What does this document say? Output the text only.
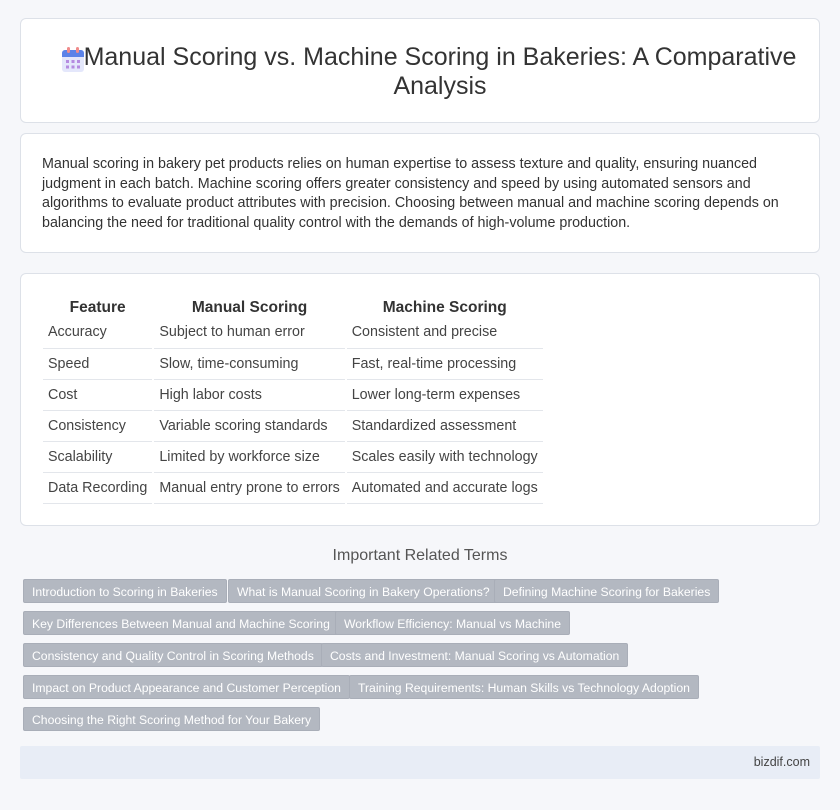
Manual Scoring vs. Machine Scoring in Bakeries: A Comparative Analysis

Manual scoring in bakery pet products relies on human expertise to assess texture and quality, ensuring nuanced judgment in each batch. Machine scoring offers greater consistency and speed by using automated sensors and algorithms to evaluate product attributes with precision. Choosing between manual and machine scoring depends on balancing the need for traditional quality control with the demands of high-volume production.

Feature		Manual Scoring		Machine Scoring
Accuracy		Subject to human error		Consistent and precise
Speed		Slow, time-consuming		Fast, real-time processing
Cost		High labor costs		Lower long-term expenses
Consistency		Variable scoring standards		Standardized assessment
Scalability		Limited by workforce size		Scales easily with technology
Data Recording		Manual entry prone to errors		Automated and accurate logs
Important Related Terms
Introduction to Scoring in Bakeries	What is Manual Scoring in Bakery Operations?	Defining Machine Scoring for Bakeries
Key Differences Between Manual and Machine Scoring	Workflow Efficiency: Manual vs Machine
Consistency and Quality Control in Scoring Methods	Costs and Investment: Manual Scoring vs Automation
Impact on Product Appearance and Customer Perception	Training Requirements: Human Skills vs Technology Adoption
Choosing the Right Scoring Method for Your Bakery
bizdif.com
